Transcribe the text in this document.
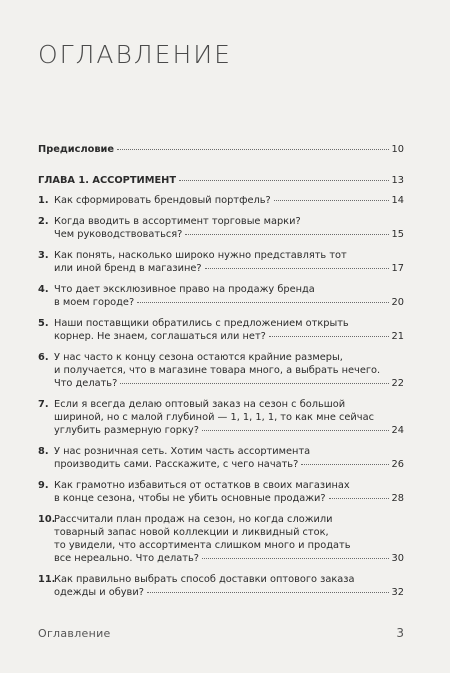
ОГЛАВЛЕНИЕ
Предисловие	10
ГЛАВА 1. АССОРТИМЕНТ	13
1. Как сформировать брендовый портфель?	14
2. Когда вводить в ассортимент торговые марки?
Чем руководствоваться?	15
3. Как понять, насколько широко нужно представлять тот
или иной бренд в магазине?	17
4. Что дает эксклюзивное право на продажу бренда
в моем городе?	20
5. Наши поставщики обратились с предложением открыть
корнер. Не знаем, соглашаться или нет?	21
6. У нас часто к концу сезона остаются крайние размеры,
и получается, что в магазине товара много, а выбрать нечего.
Что делать?	22
7. Если я всегда делаю оптовый заказ на сезон с большой
шириной, но с малой глубиной — 1, 1, 1, 1, то как мне сейчас
углубить размерную горку?	24
8. У нас розничная сеть. Хотим часть ассортимента
производить сами. Расскажите, с чего начать?	26
9. Как грамотно избавиться от остатков в своих магазинах
в конце сезона, чтобы не убить основные продажи?	28
10.
Рассчитали план продаж на сезон, но когда сложили
товарный запас новой коллекции и ликвидный сток,
то увидели, что ассортимента слишком много и продать
все нереально. Что делать?	30
11.
Как правильно выбрать способ доставки оптового заказа
одежды и обуви?	32
Оглавление	3
